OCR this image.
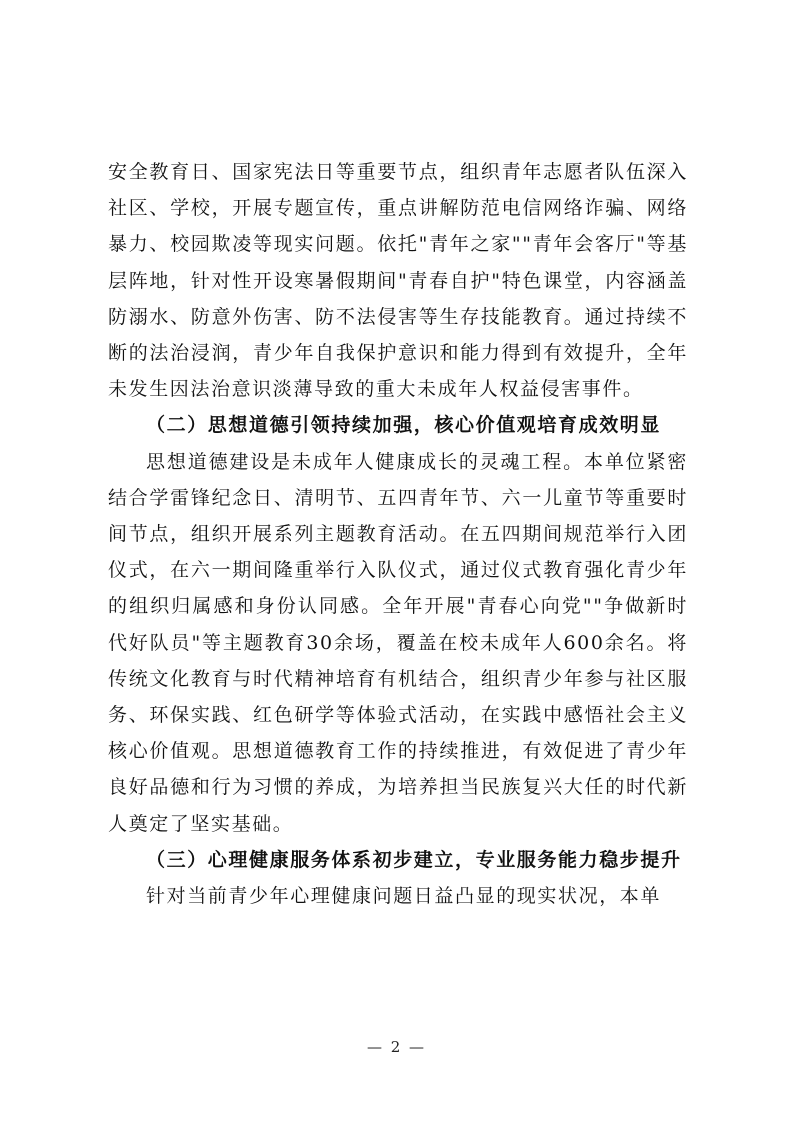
安全教育日、国家宪法日等重要节点，组织青年志愿者队伍深入社区、学校，开展专题宣传，重点讲解防范电信网络诈骗、网络暴力、校园欺凌等现实问题。依托"青年之家""青年会客厅"等基层阵地，针对性开设寒暑假期间"青春自护"特色课堂，内容涵盖防溺水、防意外伤害、防不法侵害等生存技能教育。通过持续不断的法治浸润，青少年自我保护意识和能力得到有效提升，全年未发生因法治意识淡薄导致的重大未成年人权益侵害事件。

（二）思想道德引领持续加强，核心价值观培育成效明显

思想道德建设是未成年人健康成长的灵魂工程。本单位紧密结合学雷锋纪念日、清明节、五四青年节、六一儿童节等重要时间节点，组织开展系列主题教育活动。在五四期间规范举行入团仪式，在六一期间隆重举行入队仪式，通过仪式教育强化青少年的组织归属感和身份认同感。全年开展"青春心向党""争做新时代好队员"等主题教育30余场，覆盖在校未成年人600余名。将传统文化教育与时代精神培育有机结合，组织青少年参与社区服务、环保实践、红色研学等体验式活动，在实践中感悟社会主义核心价值观。思想道德教育工作的持续推进，有效促进了青少年良好品德和行为习惯的养成，为培养担当民族复兴大任的时代新人奠定了坚实基础。

（三）心理健康服务体系初步建立，专业服务能力稳步提升

针对当前青少年心理健康问题日益凸显的现实状况，本单

— 2 —
